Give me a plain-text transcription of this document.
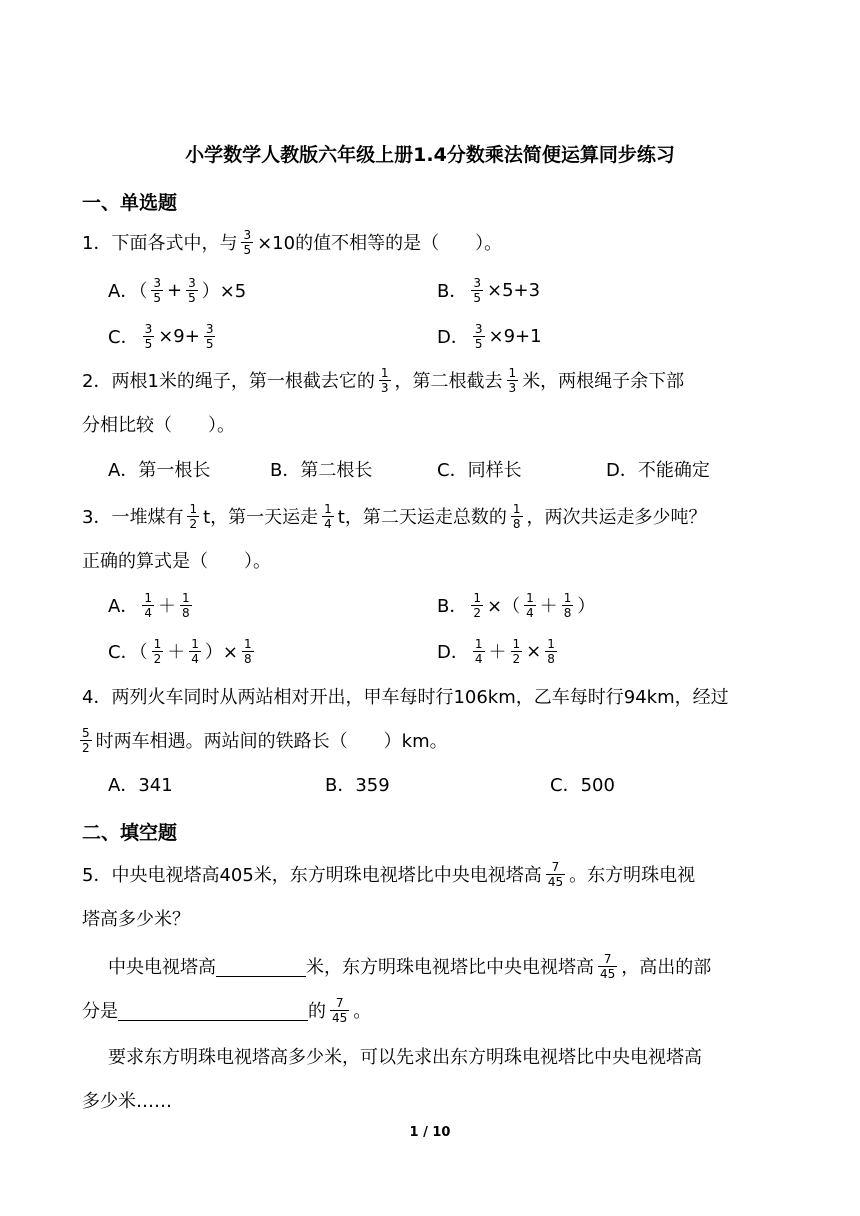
小学数学人教版六年级上册1.4分数乘法简便运算同步练习
一、单选题
1．下面各式中，与 $\frac{3}{5} \times 10$的值不相等的是（　　）。
A．（ $\frac{3}{5} + \frac{3}{5} )\times 5$	B． $\frac{3}{5} \times 5+3$
C． $\frac{3}{5} \times 9+ \frac{3}{5}$	D． $\frac{3}{5} \times 9+1$
2．两根1米的绳子，第一根截去它的 $\frac{1}{3}$ ，第二根截去 $\frac{1}{3}$ 米，两根绳子余下部
分相比较（　　）。
A．第一根长	B．第二根长	C．同样长	D．不能确定
3．一堆煤有 $\frac{1}{2}$ t，第一天运走 $\frac{1}{4}$ t，第二天运走总数的 $\frac{1}{8}$ ，两次共运走多少吨？
正确的算式是（　　）。
A． $\frac{1}{4} + \frac{1}{8}$	B． $\frac{1}{2}$ ×（ $\frac{1}{4} + \frac{1}{8}$ ）
C．（ $\frac{1}{2} + \frac{1}{4}$ ）× $\frac{1}{8}$	D． $\frac{1}{4} + \frac{1}{2} \times \frac{1}{8}$
4．两列火车同时从两站相对开出，甲车每时行106km，乙车每时行94km，经过
$\frac{5}{2}$ 时两车相遇。两站间的铁路长（　　）km。
A．341	B．359	C．500
二、填空题
5．中央电视塔高405米，东方明珠电视塔比中央电视塔高 $\frac{7}{45}$ 。东方明珠电视
塔高多少米？
中央电视塔高	米，东方明珠电视塔比中央电视塔高 $\frac{7}{45}$ ，高出的部
分是	的 $\frac{7}{45}$ 。
要求东方明珠电视塔高多少米，可以先求出东方明珠电视塔比中央电视塔高
多少米……
1 / 10
